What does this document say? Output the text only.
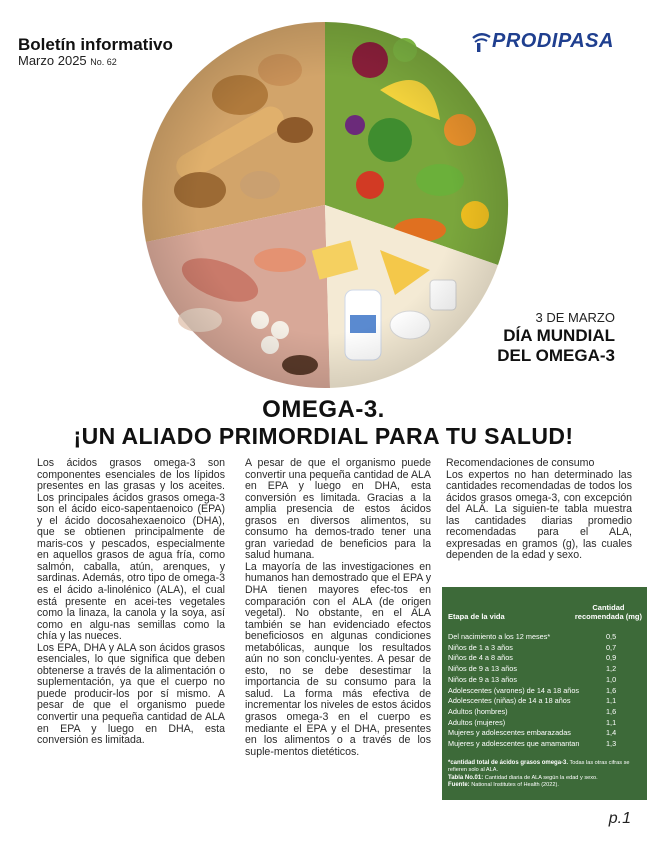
Boletín informativo
Marzo 2025 No. 62
PRODIPASA
3 DE MARZO
DÍA MUNDIAL
DEL OMEGA-3
OMEGA-3.
¡UN ALIADO PRIMORDIAL PARA TU SALUD!

Los ácidos grasos omega-3 son componentes esenciales de los lípidos presentes en las grasas y los aceites. Los principales ácidos grasos omega-3 son el ácido eico-sapentaenoico (EPA) y el ácido docosahexaenoico (DHA), que se obtienen principalmente de maris-cos y pescados, especialmente en aquellos grasos de agua fría, como salmón, caballa, atún, arenques, y sardinas. Además, otro tipo de omega-3 es el ácido a-linolénico (ALA), el cual está presente en acei-tes vegetales como la linaza, la canola y la soya, así como en algu-nas semillas como la chía y las nueces.

Los EPA, DHA y ALA son ácidos grasos esenciales, lo que significa que deben obtenerse a través de la alimentación o suplementación, ya que el cuerpo no puede producir-los por sí mismo. A pesar de que el organismo puede convertir una pequeña cantidad de ALA en EPA y luego en DHA, esta conversión es limitada.

A pesar de que el organismo puede convertir una pequeña cantidad de ALA en EPA y luego en DHA, esta conversión es limitada. Gracias a la amplia presencia de estos ácidos grasos en diversos alimentos, su consumo ha demos-trado tener una gran variedad de beneficios para la salud humana.

La mayoría de las investigaciones en humanos han demostrado que el EPA y DHA tienen mayores efec-tos en comparación con el ALA (de origen vegetal). No obstante, en el ALA también se han evidenciado efectos beneficiosos en algunas condiciones metabólicas, aunque los resultados aún no son conclu-yentes. A pesar de esto, no se debe desestimar la importancia de su consumo para la salud. La forma más efectiva de incrementar los niveles de estos ácidos grasos omega-3 en el cuerpo es mediante el EPA y el DHA, presentes en los alimentos o a través de los suple-mentos dietéticos.

Recomendaciones de consumo

Los expertos no han determinado las cantidades recomendadas de todos los ácidos grasos omega-3, con excepción del ALA. La siguien-te tabla muestra las cantidades diarias promedio recomendadas para el ALA, expresadas en gramos (g), las cuales dependen de la edad y sexo.

Etapa de la vida
Cantidad
recomendada (mg)
Del nacimiento a los 12 meses*	0,5
Niños de 1 a 3 años	0,7
Niños de 4 a 8 años	0,9
Niños de 9 a 13 años	1,2
Niños de 9 a 13 años	1,0
Adolescentes (varones) de 14 a 18 años	1,6
Adolescentes (niñas) de 14 a 18 años	1,1
Adultos (hombres)	1,6
Adultos (mujeres)	1,1
Mujeres y adolescentes embarazadas	1,4
Mujeres y adolescentes que amamantan	1,3
*cantidad total de ácidos grasos omega-3. Todas las otras cifras se refieren solo al ALA.
Tabla No.01: Cantidad diaria de ALA según la edad y sexo.
Fuente: National Institutes of Health (2022).
p.1
